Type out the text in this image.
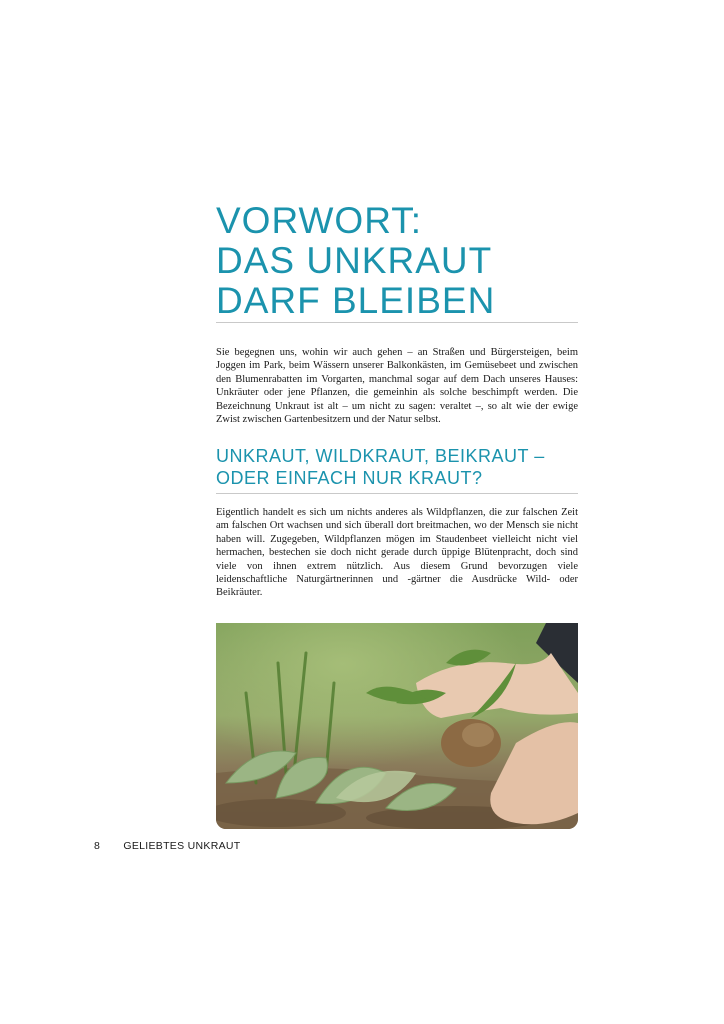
VORWORT:
DAS UNKRAUT
DARF BLEIBEN

Sie begegnen uns, wohin wir auch gehen – an Straßen und Bürgersteigen, beim Joggen im Park, beim Wässern unserer Balkonkästen, im Gemüsebeet und zwischen den Blumenrabatten im Vorgarten, manchmal sogar auf dem Dach unseres Hauses: Unkräuter oder jene Pflanzen, die gemeinhin als solche beschimpft werden. Die Bezeichnung Unkraut ist alt – um nicht zu sagen: veraltet –, so alt wie der ewige Zwist zwischen Gartenbesitzern und der Natur selbst.

UNKRAUT, WILDKRAUT, BEIKRAUT –
ODER EINFACH NUR KRAUT?

Eigentlich handelt es sich um nichts anderes als Wildpflanzen, die zur falschen Zeit am falschen Ort wachsen und sich überall dort breitmachen, wo der Mensch sie nicht haben will. Zugegeben, Wildpflanzen mögen im Staudenbeet vielleicht nicht viel hermachen, bestechen sie doch nicht gerade durch üppige Blütenpracht, doch sind viele von ihnen extrem nützlich. Aus diesem Grund bevorzugen viele leidenschaftliche Naturgärtnerinnen und -gärtner die Ausdrücke Wild- oder Beikräuter.

8 GELIEBTES UNKRAUT
